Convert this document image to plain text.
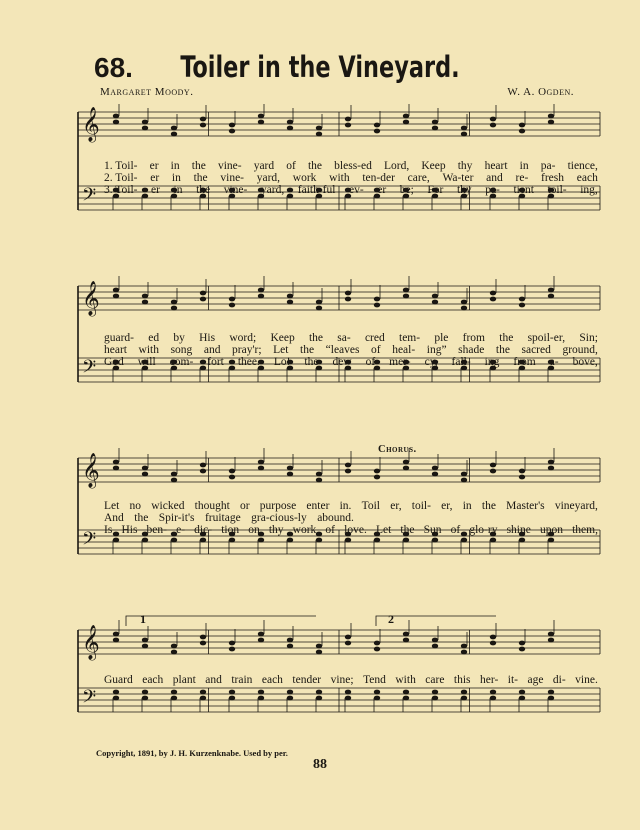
68.	Toiler in the Vineyard.
Margaret Moody.	W. A. Ogden.
𝄞
𝄢
1. Toil- er in the vine- yard of the bless-ed Lord, Keep thy heart in pa- tience,
2. Toil- er in the vine- yard, work with ten-der care, Wa-ter and re- fresh each
3. Toil- er in the vine- yard, faith-ful ev- er be; For thy pa- tient toil- ing,
𝄞
𝄢
guard- ed by His word; Keep the sa- cred tem- ple from the spoil-er, Sin;
heart with song and pray'r; Let the “leaves of heal- ing” shade the sacred ground,
God will com- fort thee. Lo! the dew of mer- cy, fall- ing from a- bove,
𝄞
𝄢
Chorus.
Let no wicked thought or purpose enter in. Toil er, toil- er, in the Master's vineyard,
And the Spir-it's fruitage gra-cious-ly abound.
Is His ben- e- dic- tion on thy work of love. Let the Sun of glo-ry shine upon them,
𝄞
𝄢
1	2
Guard each plant and train each tender vine; Tend with care this her- it- age di- vine.
Copyright, 1891, by J. H. Kurzenknabe. Used by per.
88
